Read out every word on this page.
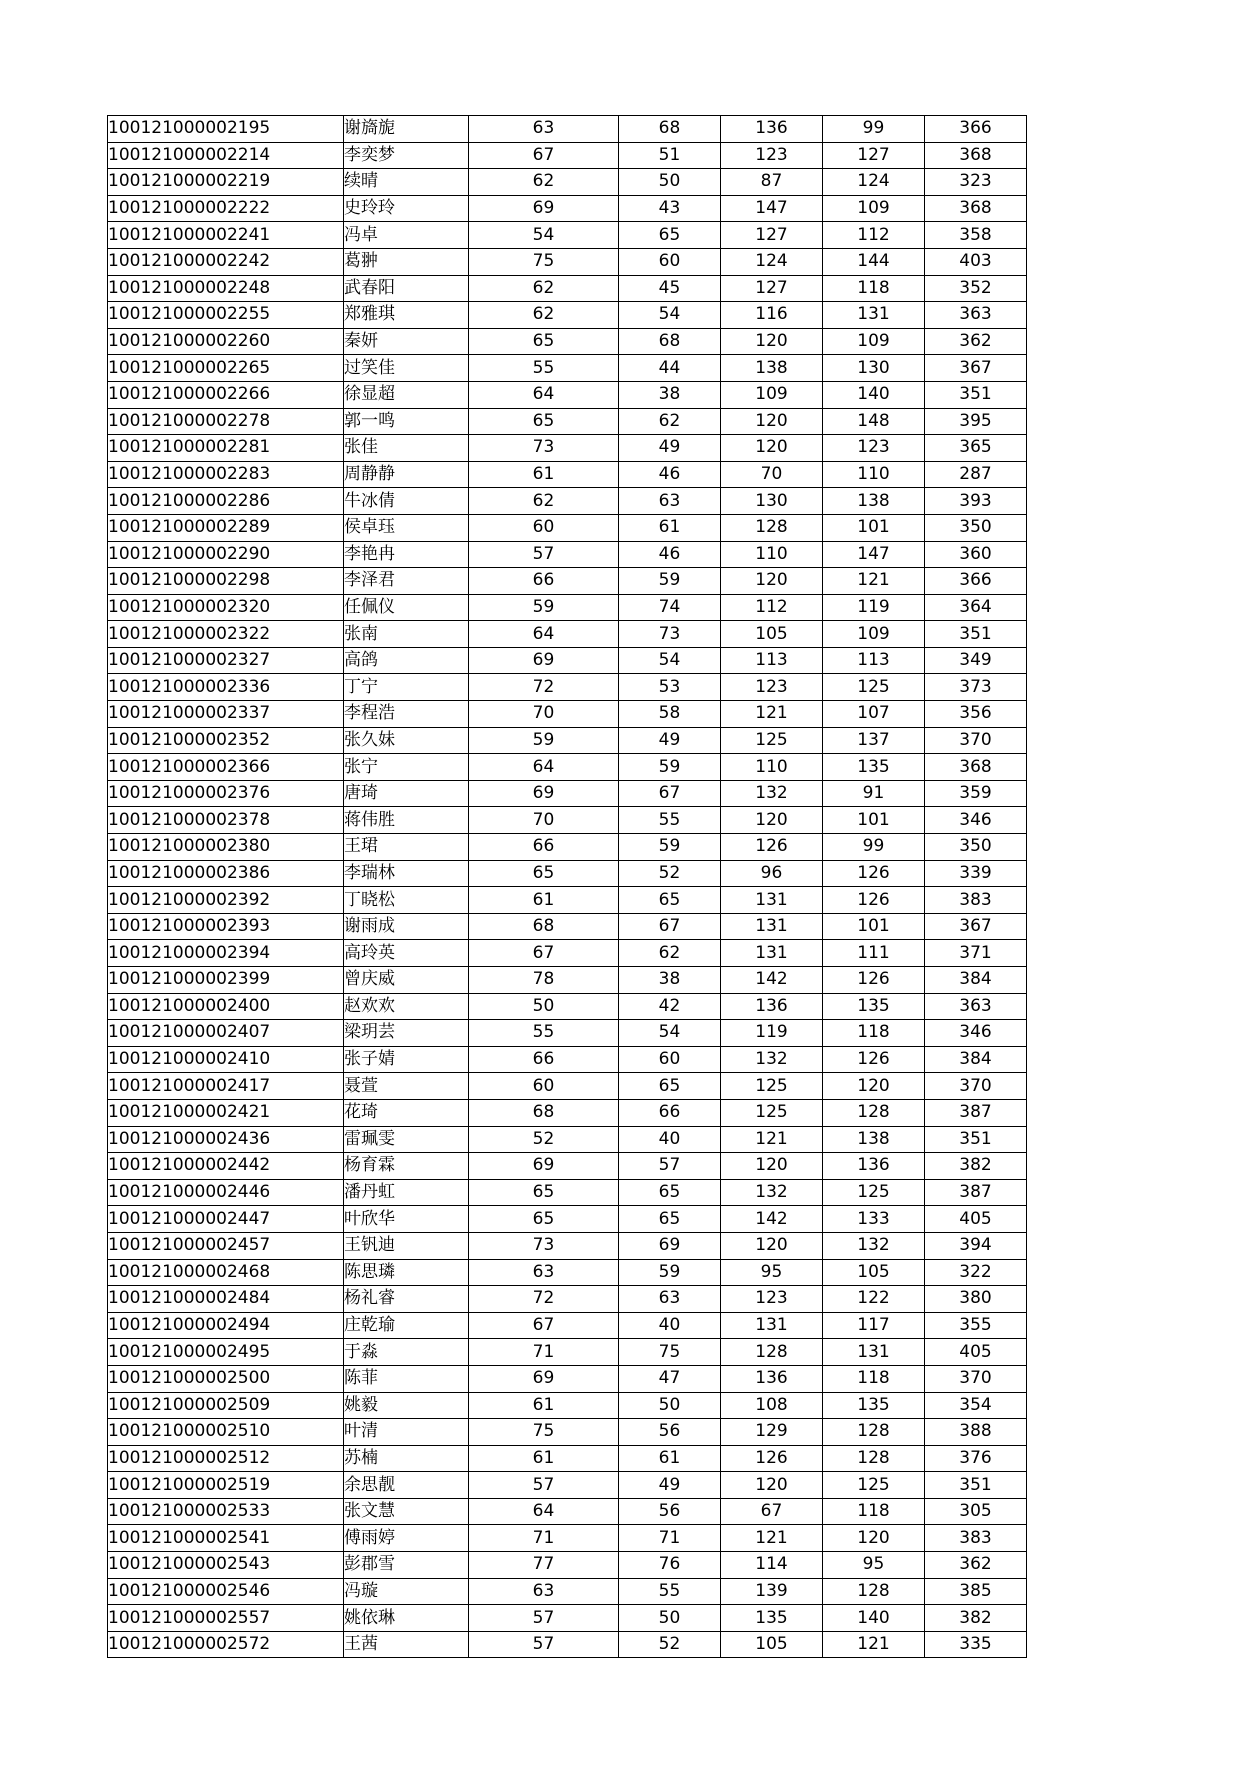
100121000002195	谢旖旎	63	68	136	99	366
100121000002214	李奕梦	67	51	123	127	368
100121000002219	续晴	62	50	87	124	323
100121000002222	史玲玲	69	43	147	109	368
100121000002241	冯卓	54	65	127	112	358
100121000002242	葛翀	75	60	124	144	403
100121000002248	武春阳	62	45	127	118	352
100121000002255	郑雅琪	62	54	116	131	363
100121000002260	秦妍	65	68	120	109	362
100121000002265	过笑佳	55	44	138	130	367
100121000002266	徐显超	64	38	109	140	351
100121000002278	郭一鸣	65	62	120	148	395
100121000002281	张佳	73	49	120	123	365
100121000002283	周静静	61	46	70	110	287
100121000002286	牛冰倩	62	63	130	138	393
100121000002289	侯卓珏	60	61	128	101	350
100121000002290	李艳冉	57	46	110	147	360
100121000002298	李泽君	66	59	120	121	366
100121000002320	任佩仪	59	74	112	119	364
100121000002322	张南	64	73	105	109	351
100121000002327	高鸽	69	54	113	113	349
100121000002336	丁宁	72	53	123	125	373
100121000002337	李程浩	70	58	121	107	356
100121000002352	张久妹	59	49	125	137	370
100121000002366	张宁	64	59	110	135	368
100121000002376	唐琦	69	67	132	91	359
100121000002378	蒋伟胜	70	55	120	101	346
100121000002380	王珺	66	59	126	99	350
100121000002386	李瑞林	65	52	96	126	339
100121000002392	丁晓松	61	65	131	126	383
100121000002393	谢雨成	68	67	131	101	367
100121000002394	高玲英	67	62	131	111	371
100121000002399	曾庆威	78	38	142	126	384
100121000002400	赵欢欢	50	42	136	135	363
100121000002407	梁玥芸	55	54	119	118	346
100121000002410	张子婧	66	60	132	126	384
100121000002417	聂萱	60	65	125	120	370
100121000002421	花琦	68	66	125	128	387
100121000002436	雷珮雯	52	40	121	138	351
100121000002442	杨育霖	69	57	120	136	382
100121000002446	潘丹虹	65	65	132	125	387
100121000002447	叶欣华	65	65	142	133	405
100121000002457	王钒迪	73	69	120	132	394
100121000002468	陈思璘	63	59	95	105	322
100121000002484	杨礼睿	72	63	123	122	380
100121000002494	庄乾瑜	67	40	131	117	355
100121000002495	于淼	71	75	128	131	405
100121000002500	陈菲	69	47	136	118	370
100121000002509	姚毅	61	50	108	135	354
100121000002510	叶清	75	56	129	128	388
100121000002512	苏楠	61	61	126	128	376
100121000002519	余思靓	57	49	120	125	351
100121000002533	张文慧	64	56	67	118	305
100121000002541	傅雨婷	71	71	121	120	383
100121000002543	彭郡雪	77	76	114	95	362
100121000002546	冯璇	63	55	139	128	385
100121000002557	姚依琳	57	50	135	140	382
100121000002572	王茜	57	52	105	121	335
